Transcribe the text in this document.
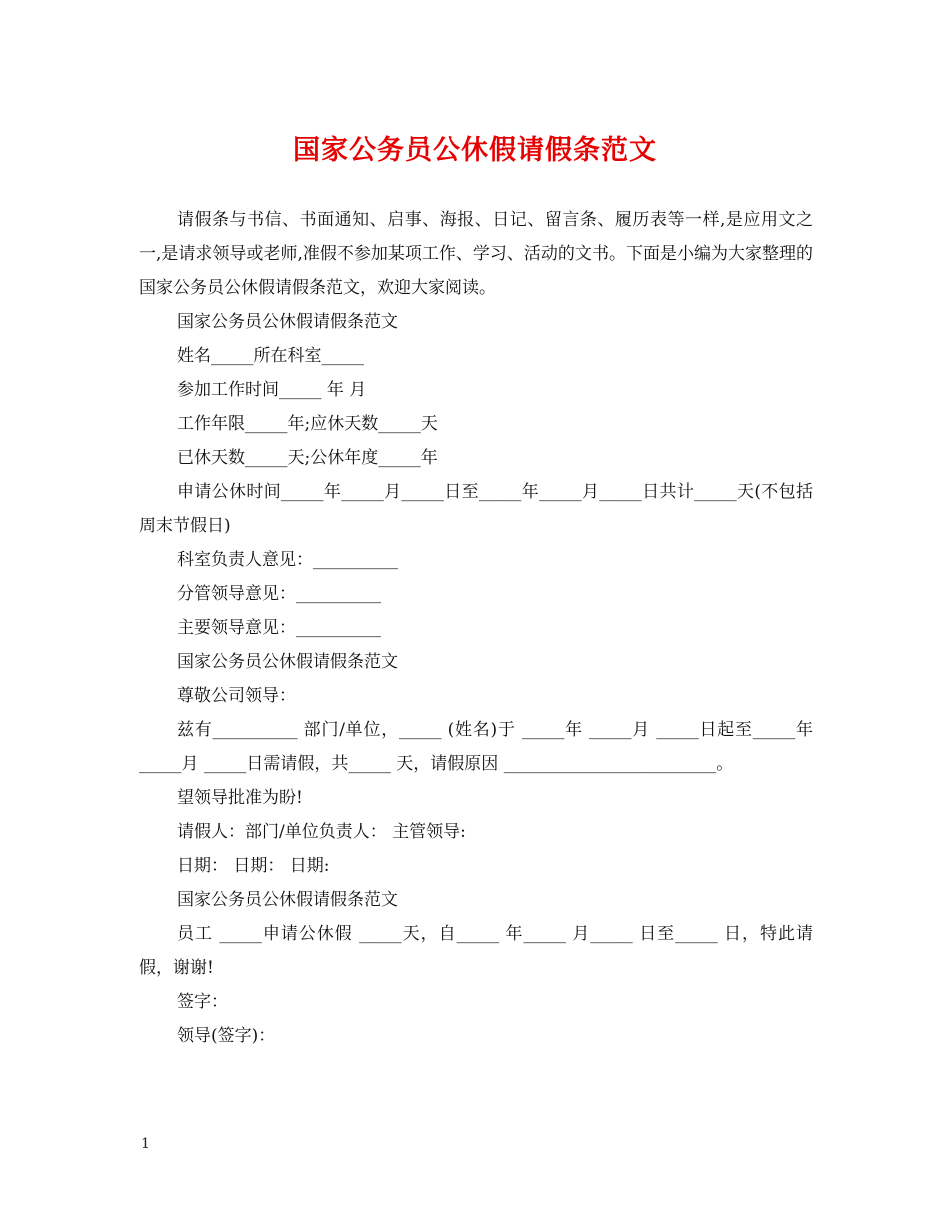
国家公务员公休假请假条范文

请假条与书信、书面通知、启事、海报、日记、留言条、履历表等一样,是应用文之一,是请求领导或老师,准假不参加某项工作、学习、活动的文书。下面是小编为大家整理的国家公务员公休假请假条范文，欢迎大家阅读。

国家公务员公休假请假条范文

姓名_____所在科室_____

参加工作时间_____ 年 月

工作年限_____年;应休天数_____天

已休天数_____天;公休年度_____年

申请公休时间_____年_____月_____日至_____年_____月_____日共计_____天(不包括周末节假日)

科室负责人意见：__________

分管领导意见：__________

主要领导意见：__________

国家公务员公休假请假条范文

尊敬公司领导：

兹有__________ 部门/单位，_____ (姓名)于 _____年 _____月 _____日起至_____年 _____月 _____日需请假，共_____ 天，请假原因 _________________________。

望领导批准为盼!

请假人：部门/单位负责人： 主管领导:

日期： 日期： 日期:

国家公务员公休假请假条范文

员工 _____申请公休假 _____天，自_____ 年_____ 月_____ 日至_____ 日，特此请假，谢谢!

签字：

领导(签字)：

1
